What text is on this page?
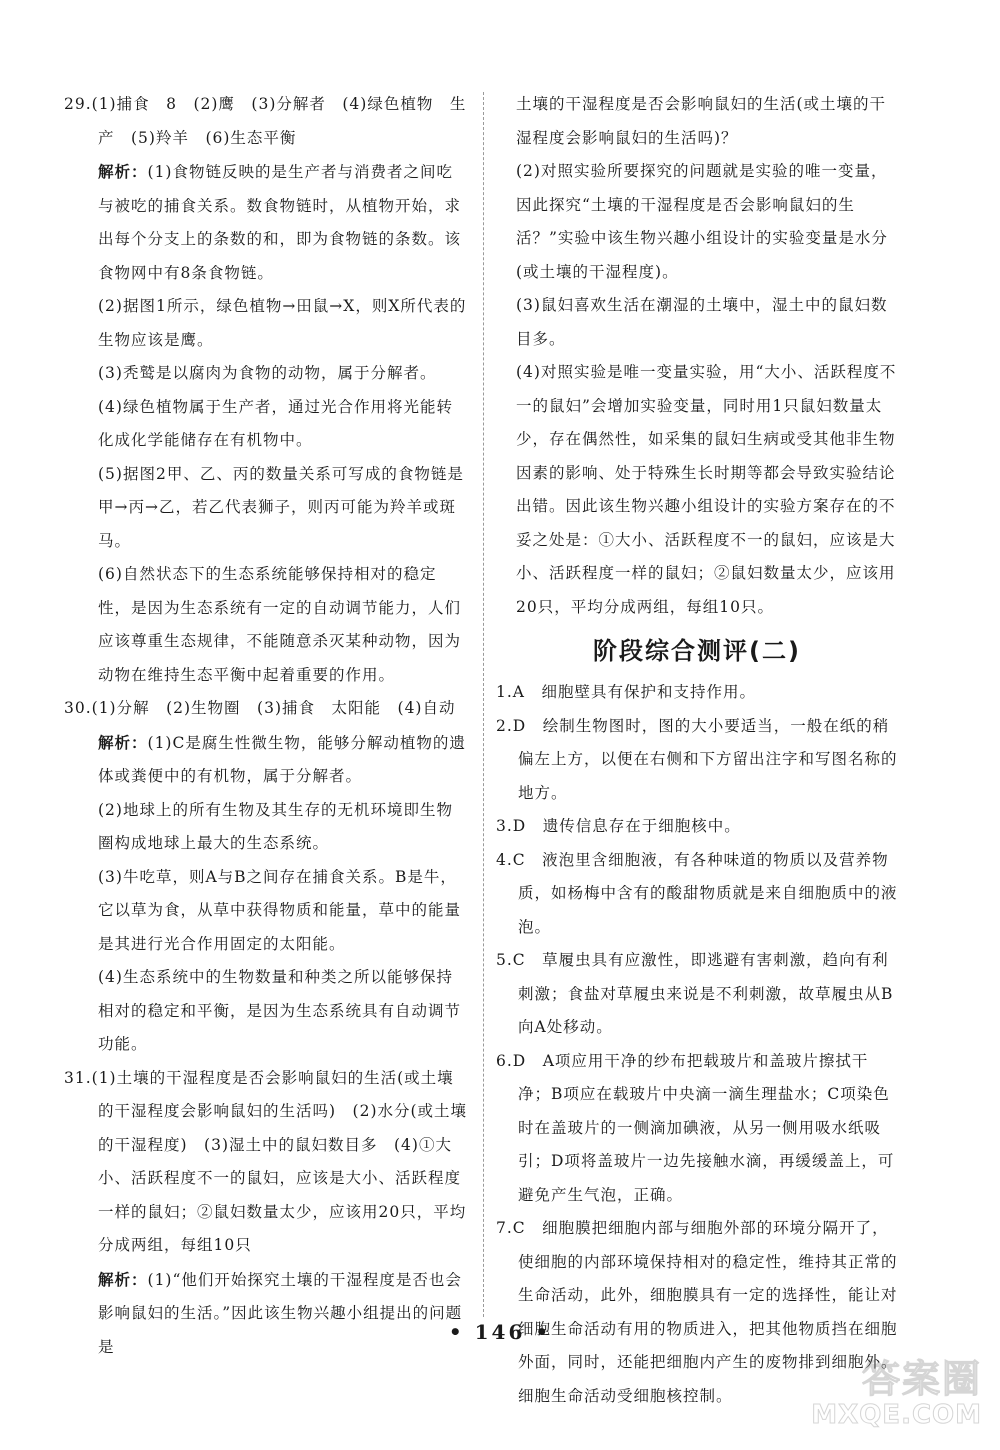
29.(1)捕食　8　(2)鹰　(3)分解者　(4)绿色植物　生产　(5)羚羊　(6)生态平衡

解析：(1)食物链反映的是生产者与消费者之间吃与被吃的捕食关系。数食物链时，从植物开始，求出每个分支上的条数的和，即为食物链的条数。该食物网中有8条食物链。

(2)据图1所示，绿色植物→田鼠→X，则X所代表的生物应该是鹰。

(3)秃鹫是以腐肉为食物的动物，属于分解者。

(4)绿色植物属于生产者，通过光合作用将光能转化成化学能储存在有机物中。

(5)据图2甲、乙、丙的数量关系可写成的食物链是甲→丙→乙，若乙代表狮子，则丙可能为羚羊或斑马。

(6)自然状态下的生态系统能够保持相对的稳定性，是因为生态系统有一定的自动调节能力，人们应该尊重生态规律，不能随意杀灭某种动物，因为动物在维持生态平衡中起着重要的作用。

30.(1)分解　(2)生物圈　(3)捕食　太阳能　(4)自动

解析：(1)C是腐生性微生物，能够分解动植物的遗体或粪便中的有机物，属于分解者。

(2)地球上的所有生物及其生存的无机环境即生物圈构成地球上最大的生态系统。

(3)牛吃草，则A与B之间存在捕食关系。B是牛，它以草为食，从草中获得物质和能量，草中的能量是其进行光合作用固定的太阳能。

(4)生态系统中的生物数量和种类之所以能够保持相对的稳定和平衡，是因为生态系统具有自动调节功能。

31.(1)土壤的干湿程度是否会影响鼠妇的生活(或土壤的干湿程度会影响鼠妇的生活吗)　(2)水分(或土壤的干湿程度)　(3)湿土中的鼠妇数目多　(4)①大小、活跃程度不一的鼠妇，应该是大小、活跃程度一样的鼠妇；②鼠妇数量太少，应该用20只，平均分成两组，每组10只

解析：(1)“他们开始探究土壤的干湿程度是否也会影响鼠妇的生活。”因此该生物兴趣小组提出的问题是

土壤的干湿程度是否会影响鼠妇的生活(或土壤的干湿程度会影响鼠妇的生活吗)？

(2)对照实验所要探究的问题就是实验的唯一变量，因此探究“土壤的干湿程度是否会影响鼠妇的生活？”实验中该生物兴趣小组设计的实验变量是水分(或土壤的干湿程度)。

(3)鼠妇喜欢生活在潮湿的土壤中，湿土中的鼠妇数目多。

(4)对照实验是唯一变量实验，用“大小、活跃程度不一的鼠妇”会增加实验变量，同时用1只鼠妇数量太少，存在偶然性，如采集的鼠妇生病或受其他非生物因素的影响、处于特殊生长时期等都会导致实验结论出错。因此该生物兴趣小组设计的实验方案存在的不妥之处是：①大小、活跃程度不一的鼠妇，应该是大小、活跃程度一样的鼠妇；②鼠妇数量太少，应该用20只，平均分成两组，每组10只。

阶段综合测评(二)

1.A　细胞壁具有保护和支持作用。

2.D　绘制生物图时，图的大小要适当，一般在纸的稍偏左上方，以便在右侧和下方留出注字和写图名称的地方。

3.D　遗传信息存在于细胞核中。

4.C　液泡里含细胞液，有各种味道的物质以及营养物质，如杨梅中含有的酸甜物质就是来自细胞质中的液泡。

5.C　草履虫具有应激性，即逃避有害刺激，趋向有利刺激；食盐对草履虫来说是不利刺激，故草履虫从B向A处移动。

6.D　A项应用干净的纱布把载玻片和盖玻片擦拭干净；B项应在载玻片中央滴一滴生理盐水；C项染色时在盖玻片的一侧滴加碘液，从另一侧用吸水纸吸引；D项将盖玻片一边先接触水滴，再缓缓盖上，可避免产生气泡，正确。

7.C　细胞膜把细胞内部与细胞外部的环境分隔开了，使细胞的内部环境保持相对的稳定性，维持其正常的生命活动，此外，细胞膜具有一定的选择性，能让对细胞生命活动有用的物质进入，把其他物质挡在细胞外面，同时，还能把细胞内产生的废物排到细胞外。细胞生命活动受细胞核控制。

• 146 •
答案圈
MXQE.COM
